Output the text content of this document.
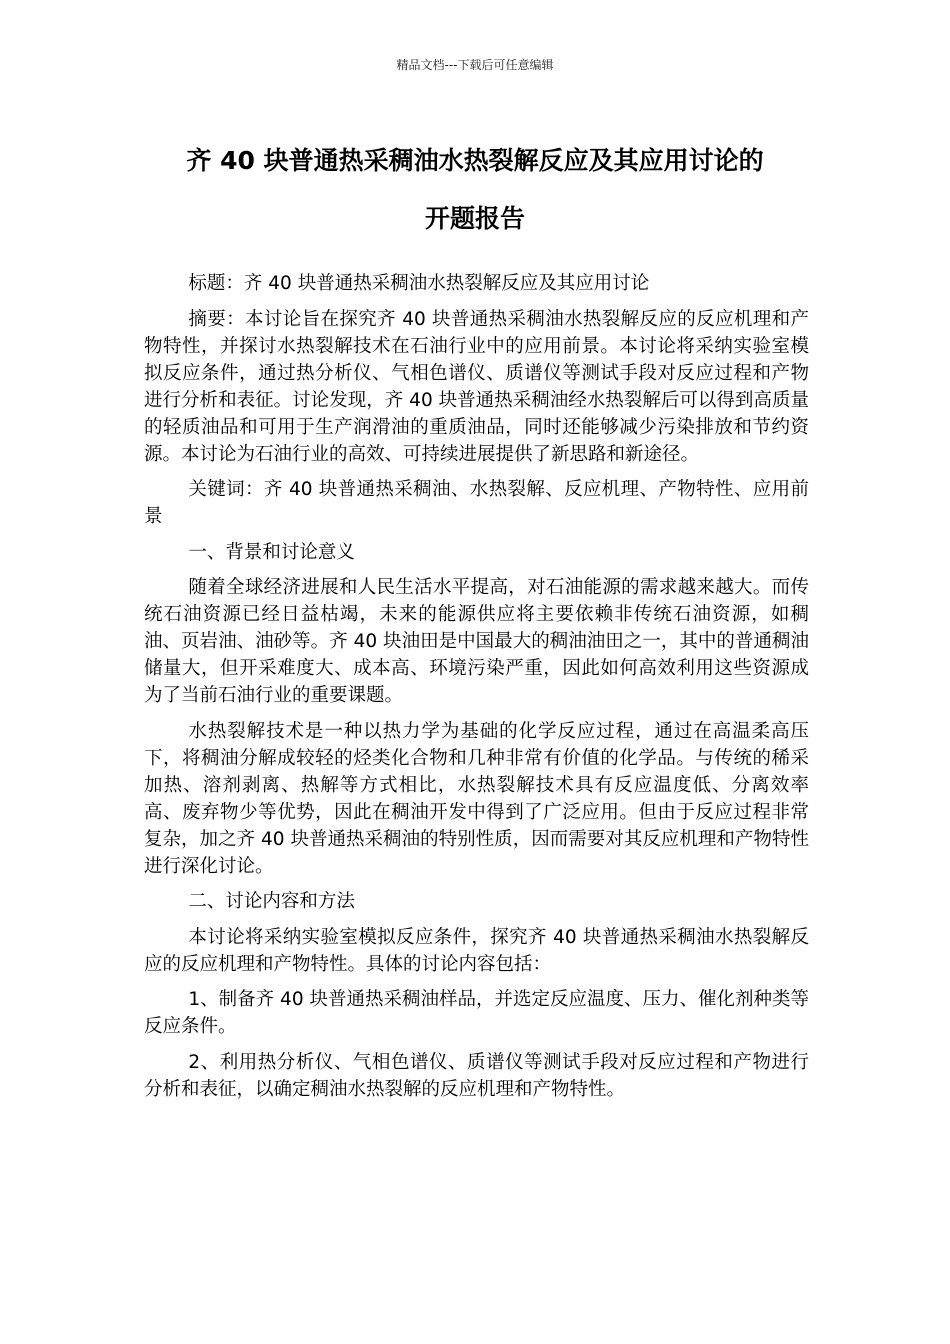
精品文档---下载后可任意编辑
齐 40 块普通热采稠油水热裂解反应及其应用讨论的
开题报告

标题：齐 40 块普通热采稠油水热裂解反应及其应用讨论

摘要：本讨论旨在探究齐 40 块普通热采稠油水热裂解反应的反应机理和产物特性，并探讨水热裂解技术在石油行业中的应用前景。本讨论将采纳实验室模拟反应条件，通过热分析仪、气相色谱仪、质谱仪等测试手段对反应过程和产物进行分析和表征。讨论发现，齐 40 块普通热采稠油经水热裂解后可以得到高质量的轻质油品和可用于生产润滑油的重质油品，同时还能够减少污染排放和节约资源。本讨论为石油行业的高效、可持续进展提供了新思路和新途径。

关键词：齐 40 块普通热采稠油、水热裂解、反应机理、产物特性、应用前景

一、背景和讨论意义

随着全球经济进展和人民生活水平提高，对石油能源的需求越来越大。而传统石油资源已经日益枯竭，未来的能源供应将主要依赖非传统石油资源，如稠油、页岩油、油砂等。齐 40 块油田是中国最大的稠油油田之一，其中的普通稠油储量大，但开采难度大、成本高、环境污染严重，因此如何高效利用这些资源成为了当前石油行业的重要课题。

水热裂解技术是一种以热力学为基础的化学反应过程，通过在高温柔高压下，将稠油分解成较轻的烃类化合物和几种非常有价值的化学品。与传统的稀采加热、溶剂剥离、热解等方式相比，水热裂解技术具有反应温度低、分离效率高、废弃物少等优势，因此在稠油开发中得到了广泛应用。但由于反应过程非常复杂，加之齐 40 块普通热采稠油的特别性质，因而需要对其反应机理和产物特性进行深化讨论。

二、讨论内容和方法

本讨论将采纳实验室模拟反应条件，探究齐 40 块普通热采稠油水热裂解反应的反应机理和产物特性。具体的讨论内容包括：

1、制备齐 40 块普通热采稠油样品，并选定反应温度、压力、催化剂种类等反应条件。

2、利用热分析仪、气相色谱仪、质谱仪等测试手段对反应过程和产物进行分析和表征，以确定稠油水热裂解的反应机理和产物特性。
